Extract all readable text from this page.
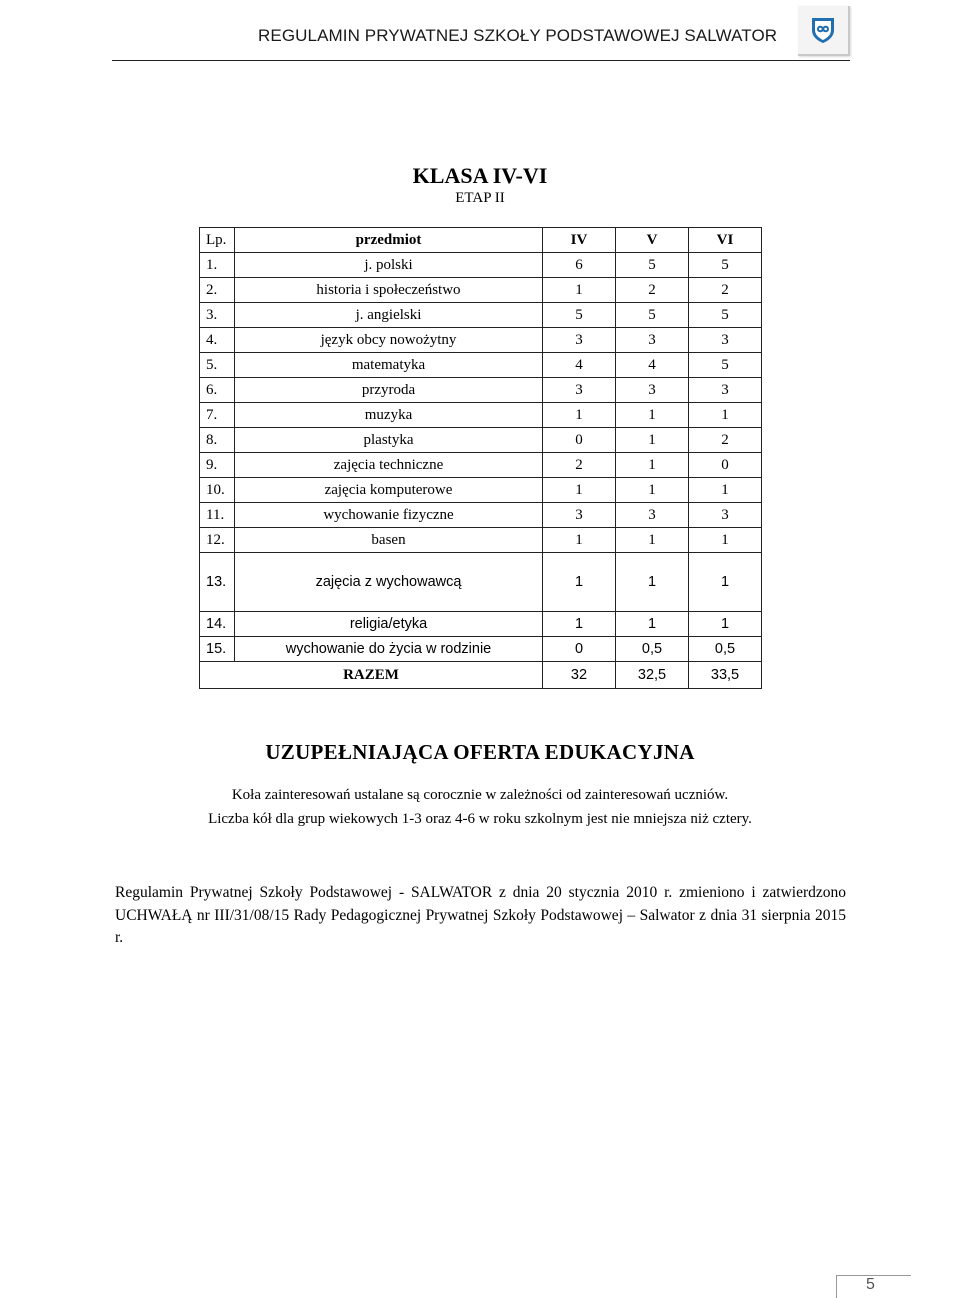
REGULAMIN PRYWATNEJ SZKOŁY PODSTAWOWEJ SALWATOR
KLASA IV-VI
ETAP II
Lp.	przedmiot	IV	V	VI
1.	j. polski	6	5	5
2.	historia i społeczeństwo	1	2	2
3.	j. angielski	5	5	5
4.	język obcy nowożytny	3	3	3
5.	matematyka	4	4	5
6.	przyroda	3	3	3
7.	muzyka	1	1	1
8.	plastyka	0	1	2
9.	zajęcia techniczne	2	1	0
10.	zajęcia komputerowe	1	1	1
11.	wychowanie fizyczne	3	3	3
12.	basen	1	1	1
13.	zajęcia z wychowawcą	1	1	1
14.	religia/etyka	1	1	1
15.	wychowanie do życia w rodzinie	0	0,5	0,5
RAZEM		32	32,5	33,5
UZUPEŁNIAJĄCA OFERTA EDUKACYJNA
Koła zainteresowań ustalane są corocznie w zależności od zainteresowań uczniów.
Liczba kół dla grup wiekowych 1-3 oraz 4-6 w roku szkolnym jest nie mniejsza niż cztery.
Regulamin Prywatnej Szkoły Podstawowej - SALWATOR z dnia 20 stycznia 2010 r. zmieniono i zatwierdzono UCHWAŁĄ nr III/31/08/15 Rady Pedagogicznej Prywatnej Szkoły Podstawowej – Salwator z dnia 31 sierpnia 2015 r.
5
